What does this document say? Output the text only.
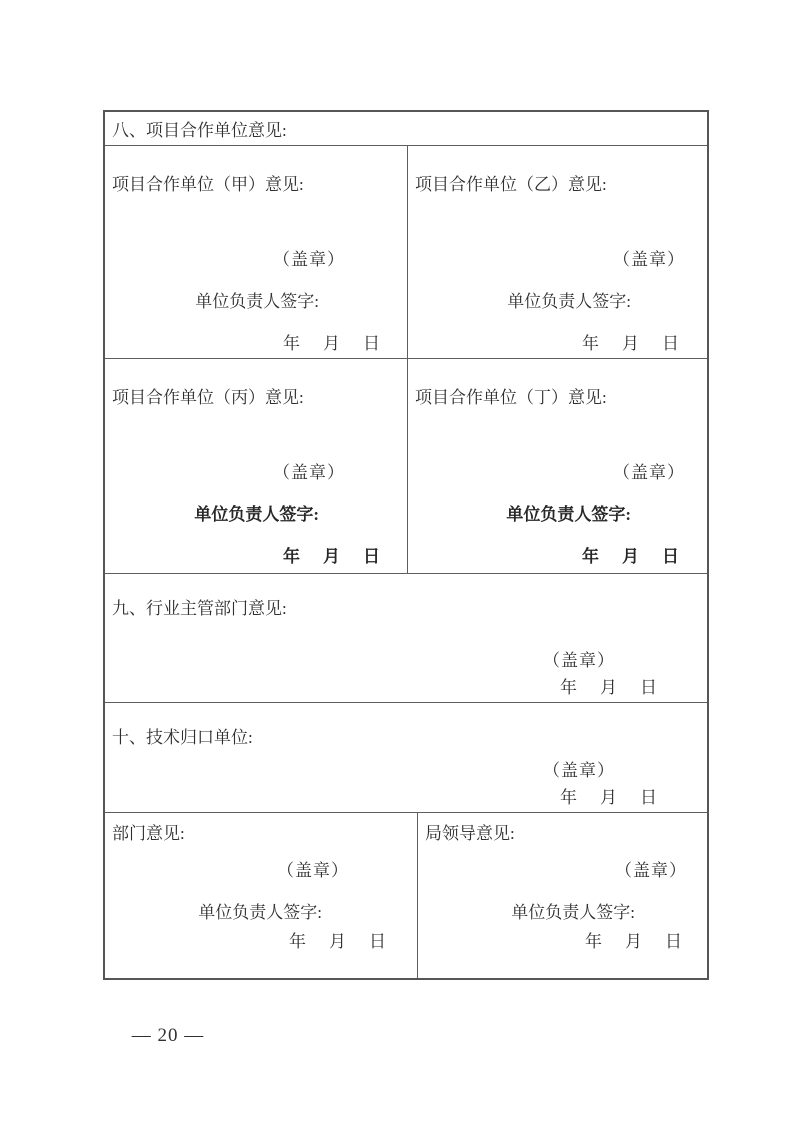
八、项目合作单位意见:
项目合作单位（甲）意见:
（盖章）
单位负责人签字:
年　月　日
项目合作单位（乙）意见:
（盖章）
单位负责人签字:
年　月　日
项目合作单位（丙）意见:
（盖章）
单位负责人签字:
年　月　日
项目合作单位（丁）意见:
（盖章）
单位负责人签字:
年　月　日
九、行业主管部门意见:
（盖章）
年　月　日
十、技术归口单位:
（盖章）
年　月　日
部门意见:
（盖章）
单位负责人签字:
年　月　日
局领导意见:
（盖章）
单位负责人签字:
年　月　日
— 20 —
